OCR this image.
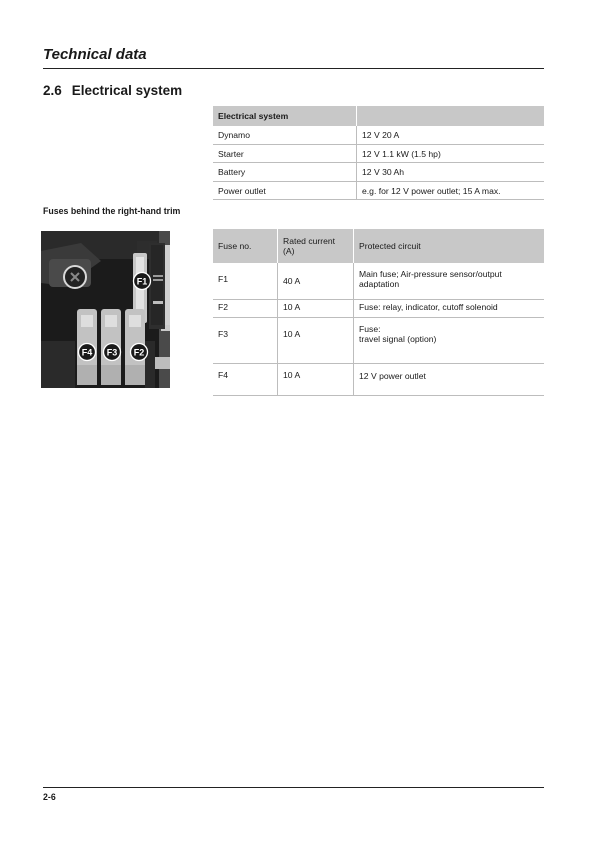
Technical data
2.6 Electrical system
Electrical system	
Dynamo	12 V 20 A
Starter	12 V 1.1 kW (1.5 hp)
Battery	12 V 30 Ah
Power outlet	e.g. for 12 V power outlet; 15 A max.
Fuses behind the right-hand trim
F1
F4 F3 F2
Fuse no.	Rated current (A)	Protected circuit
F1	40 A	Main fuse; Air-pressure sensor/output adaptation
F2	10 A	Fuse: relay, indicator, cutoff solenoid
F3	10 A	Fuse:
travel signal (option)

F4	10 A	12 V power outlet
2-6
